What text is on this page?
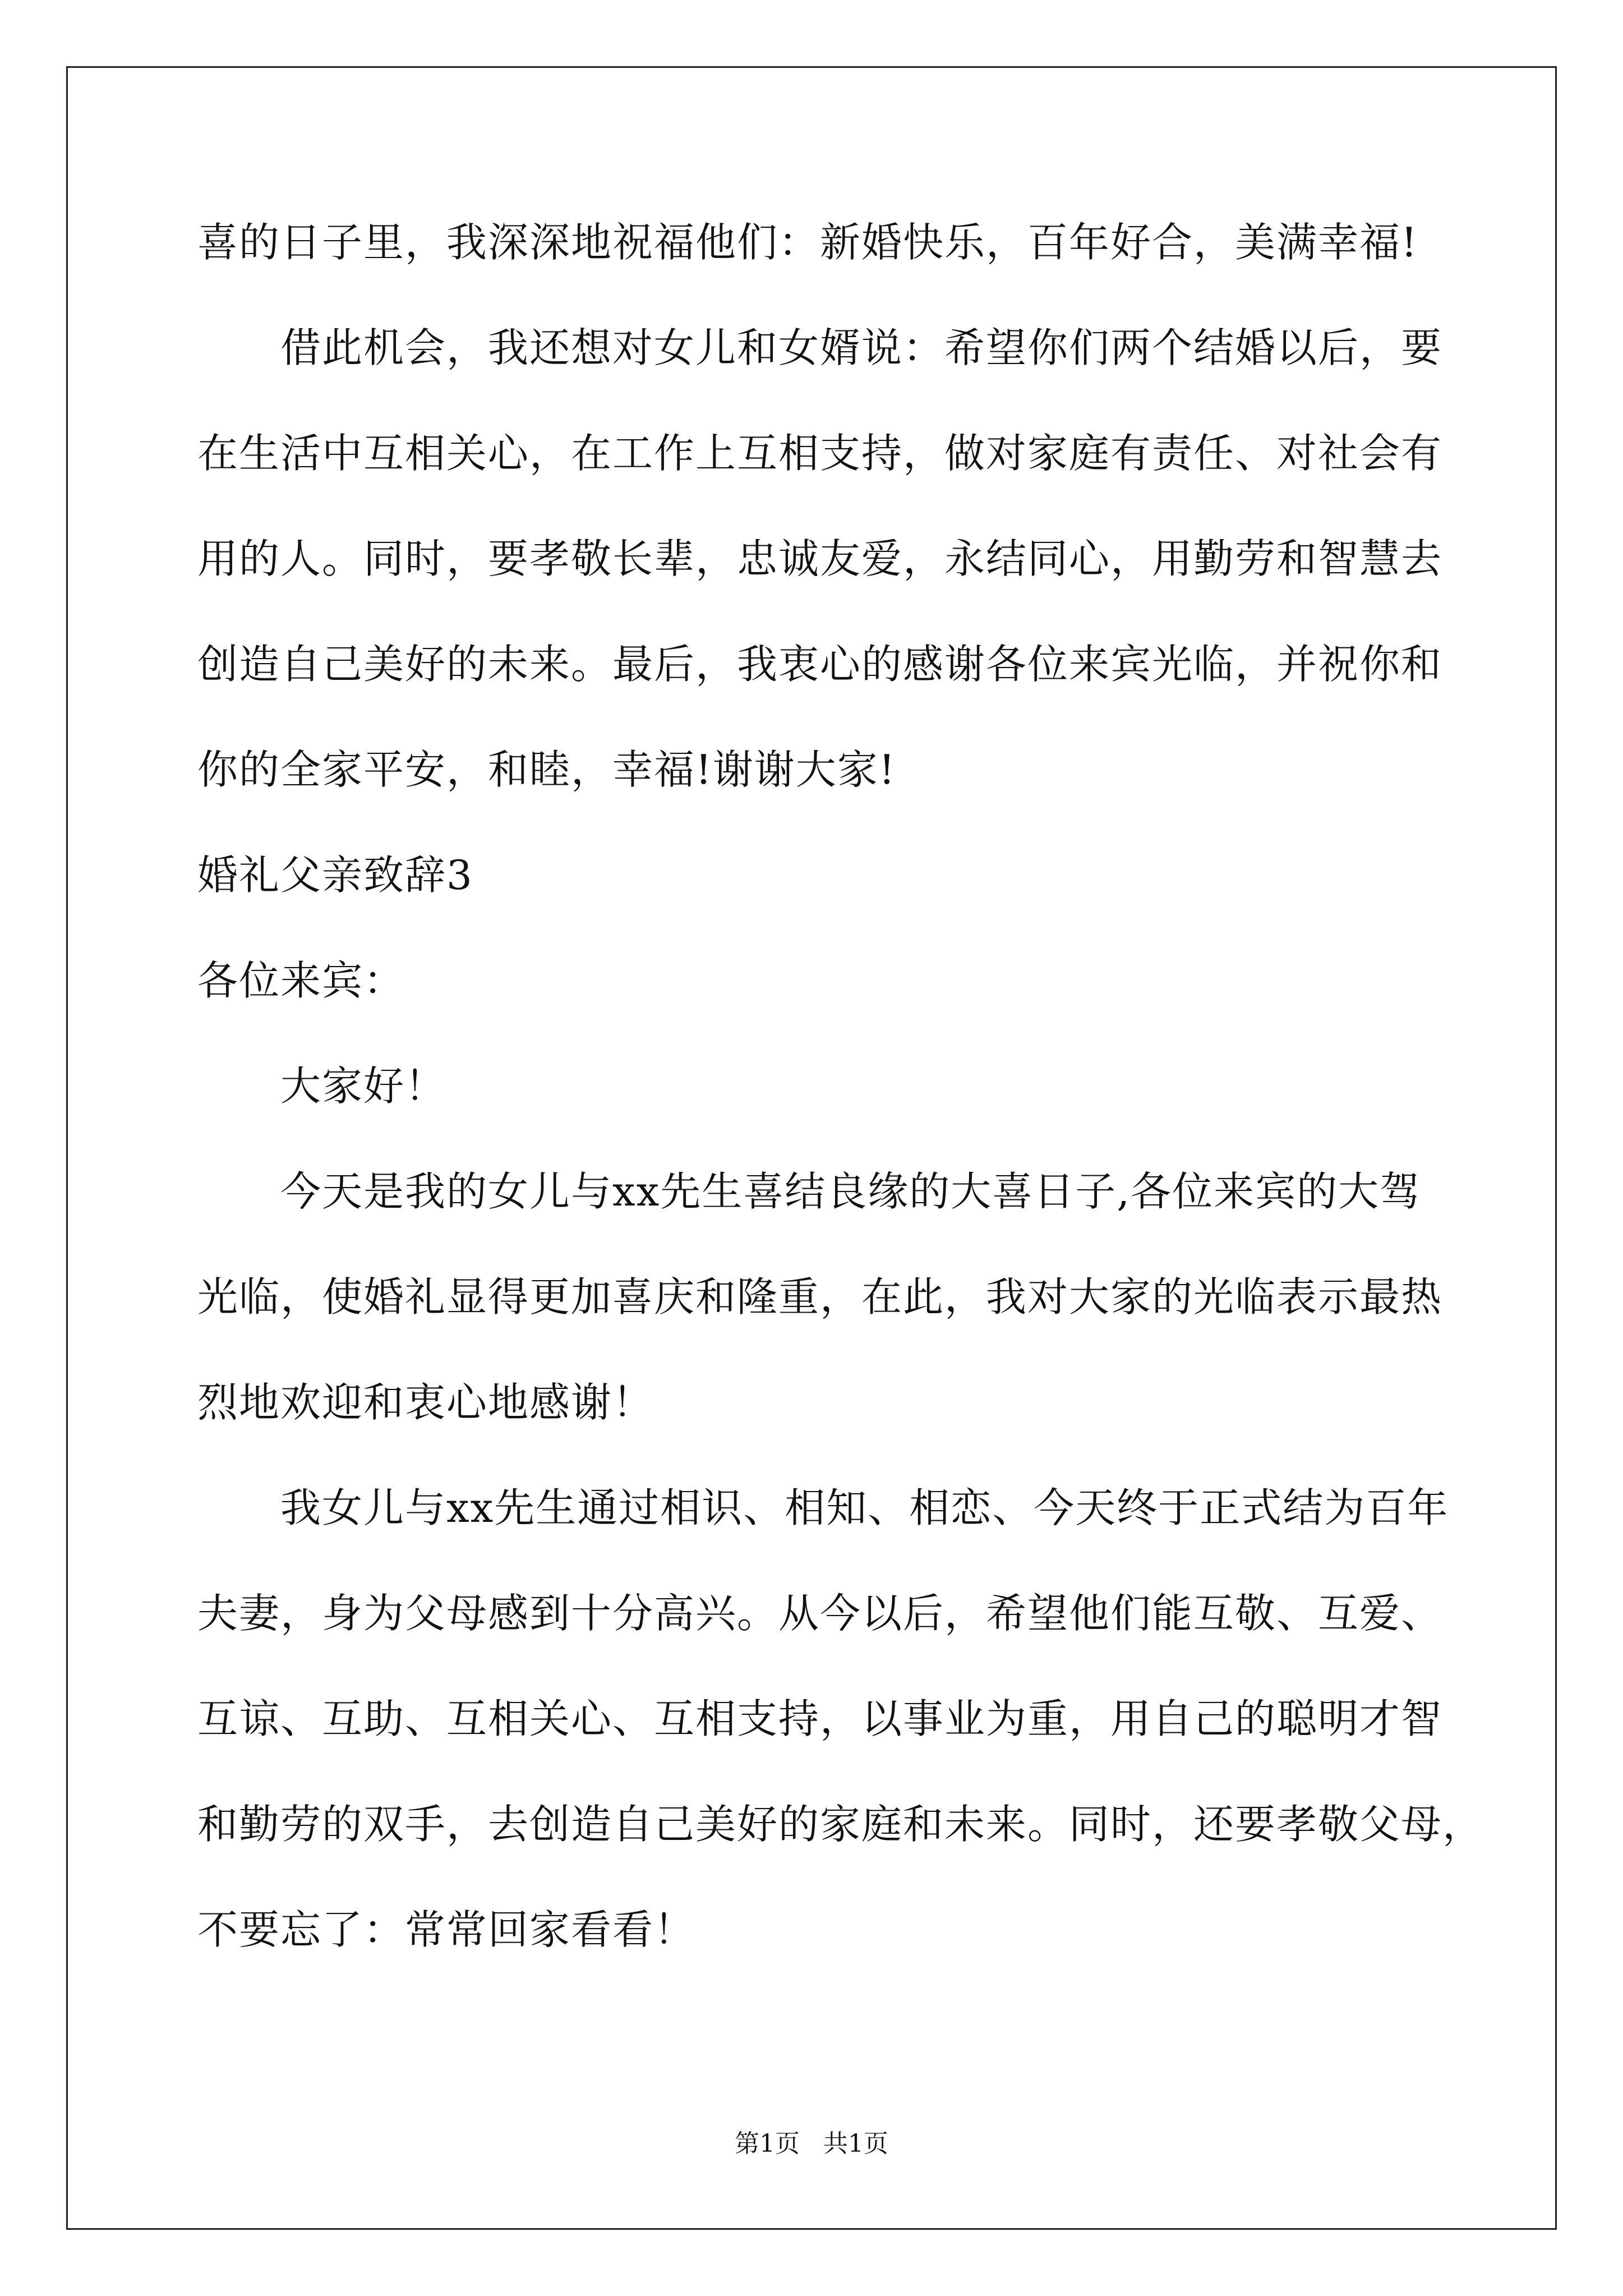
喜的日子里，我深深地祝福他们：新婚快乐，百年好合，美满幸福!
借此机会，我还想对女儿和女婿说：希望你们两个结婚以后，要
在生活中互相关心，在工作上互相支持，做对家庭有责任、对社会有
用的人。同时，要孝敬长辈，忠诚友爱，永结同心，用勤劳和智慧去
创造自己美好的未来。最后，我衷心的感谢各位来宾光临，并祝你和
你的全家平安，和睦，幸福!谢谢大家!
婚礼父亲致辞3
各位来宾：
大家好！
今天是我的女儿与xx先生喜结良缘的大喜日子,各位来宾的大驾
光临，使婚礼显得更加喜庆和隆重，在此，我对大家的光临表示最热
烈地欢迎和衷心地感谢！
我女儿与xx先生通过相识、相知、相恋、今天终于正式结为百年
夫妻，身为父母感到十分高兴。从今以后，希望他们能互敬、互爱、
互谅、互助、互相关心、互相支持，以事业为重，用自己的聪明才智
和勤劳的双手，去创造自己美好的家庭和未来。同时，还要孝敬父母，
不要忘了：常常回家看看！
第1页   共1页
